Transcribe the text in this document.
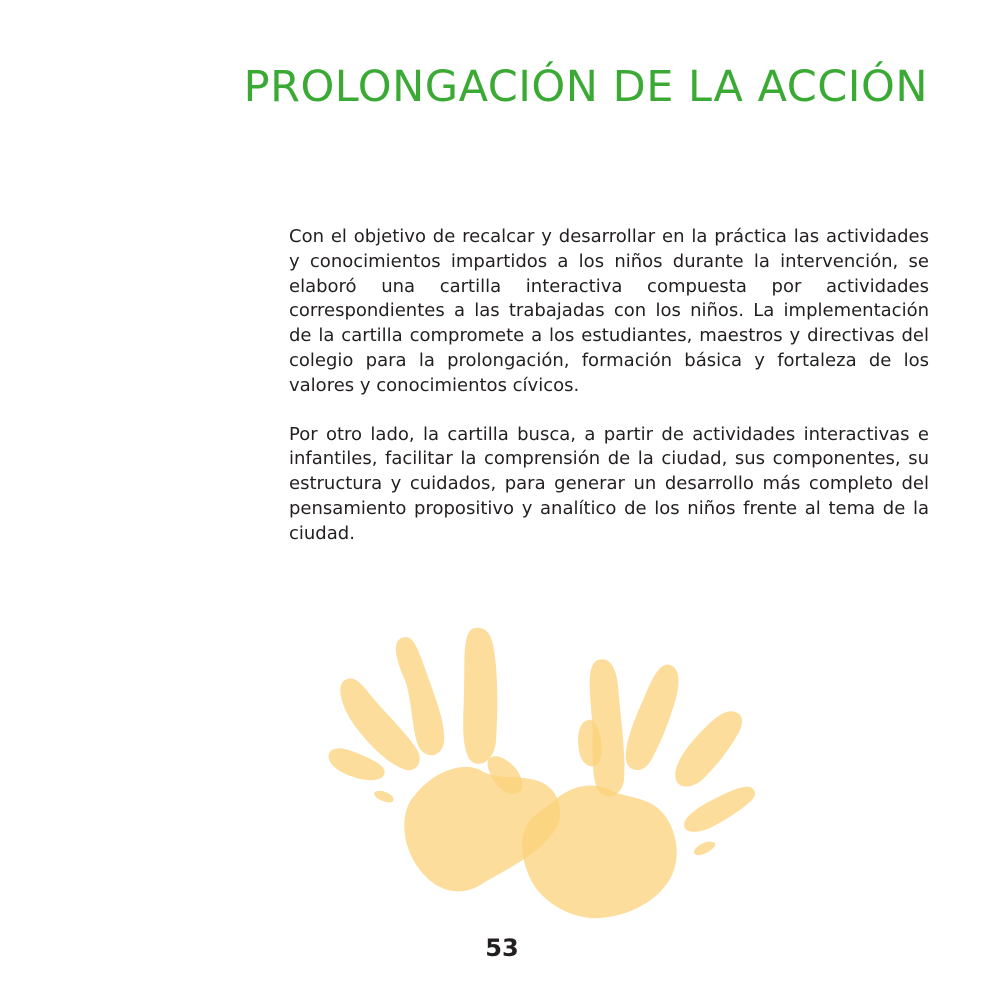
PROLONGACIÓN DE LA ACCIÓN

Con el objetivo de recalcar y desarrollar en la práctica las actividades y conocimientos impartidos a los niños durante la intervención, se elaboró una cartilla interactiva compuesta por actividades correspondientes a las trabajadas con los niños. La implementación de la cartilla compromete a los estudiantes, maestros y directivas del colegio para la prolongación, formación básica y fortaleza de los valores y conocimientos cívicos.

Por otro lado, la cartilla busca, a partir de actividades interactivas e infantiles, facilitar la comprensión de la ciudad, sus componentes, su estructura y cuidados, para generar un desarrollo más completo del pensamiento propositivo y analítico de los niños frente al tema de la ciudad.

53
